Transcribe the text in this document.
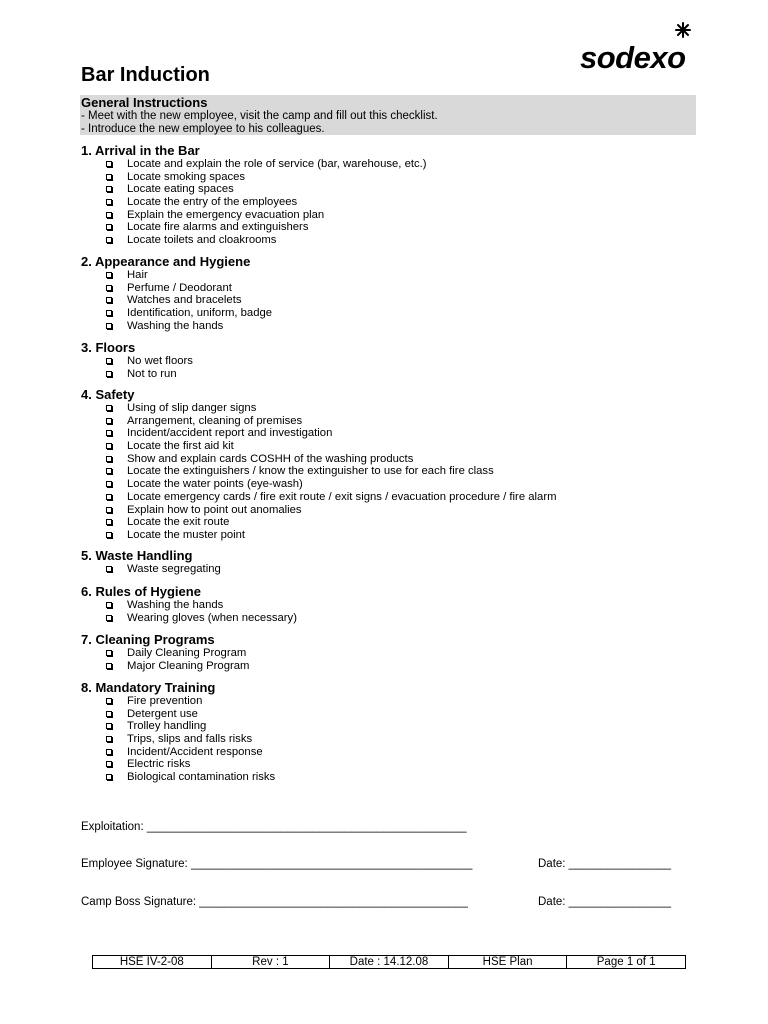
sodexo
Bar Induction
General Instructions
- Meet with the new employee, visit the camp and fill out this checklist.
- Introduce the new employee to his colleagues.
1. Arrival in the Bar
Locate and explain the role of service (bar, warehouse, etc.)
Locate smoking spaces
Locate eating spaces
Locate the entry of the employees
Explain the emergency evacuation plan
Locate fire alarms and extinguishers
Locate toilets and cloakrooms
2. Appearance and Hygiene
Hair
Perfume / Deodorant
Watches and bracelets
Identification, uniform, badge
Washing the hands
3. Floors
No wet floors
Not to run
4. Safety
Using of slip danger signs
Arrangement, cleaning of premises
Incident/accident report and investigation
Locate the first aid kit
Show and explain cards COSHH of the washing products
Locate the extinguishers / know the extinguisher to use for each fire class
Locate the water points (eye-wash)
Locate emergency cards / fire exit route / exit signs / evacuation procedure / fire alarm
Explain how to point out anomalies
Locate the exit route
Locate the muster point
5. Waste Handling
Waste segregating
6. Rules of Hygiene
Washing the hands
Wearing gloves (when necessary)
7. Cleaning Programs
Daily Cleaning Program
Major Cleaning Program
8. Mandatory Training
Fire prevention
Detergent use
Trolley handling
Trips, slips and falls risks
Incident/Accident response
Electric risks
Biological contamination risks
Exploitation: __________________________________________________
Employee Signature: ____________________________________________	Date: ________________
Camp Boss Signature: __________________________________________	Date: ________________
HSE IV-2-08	Rev : 1	Date : 14.12.08	HSE Plan	Page 1 of 1
